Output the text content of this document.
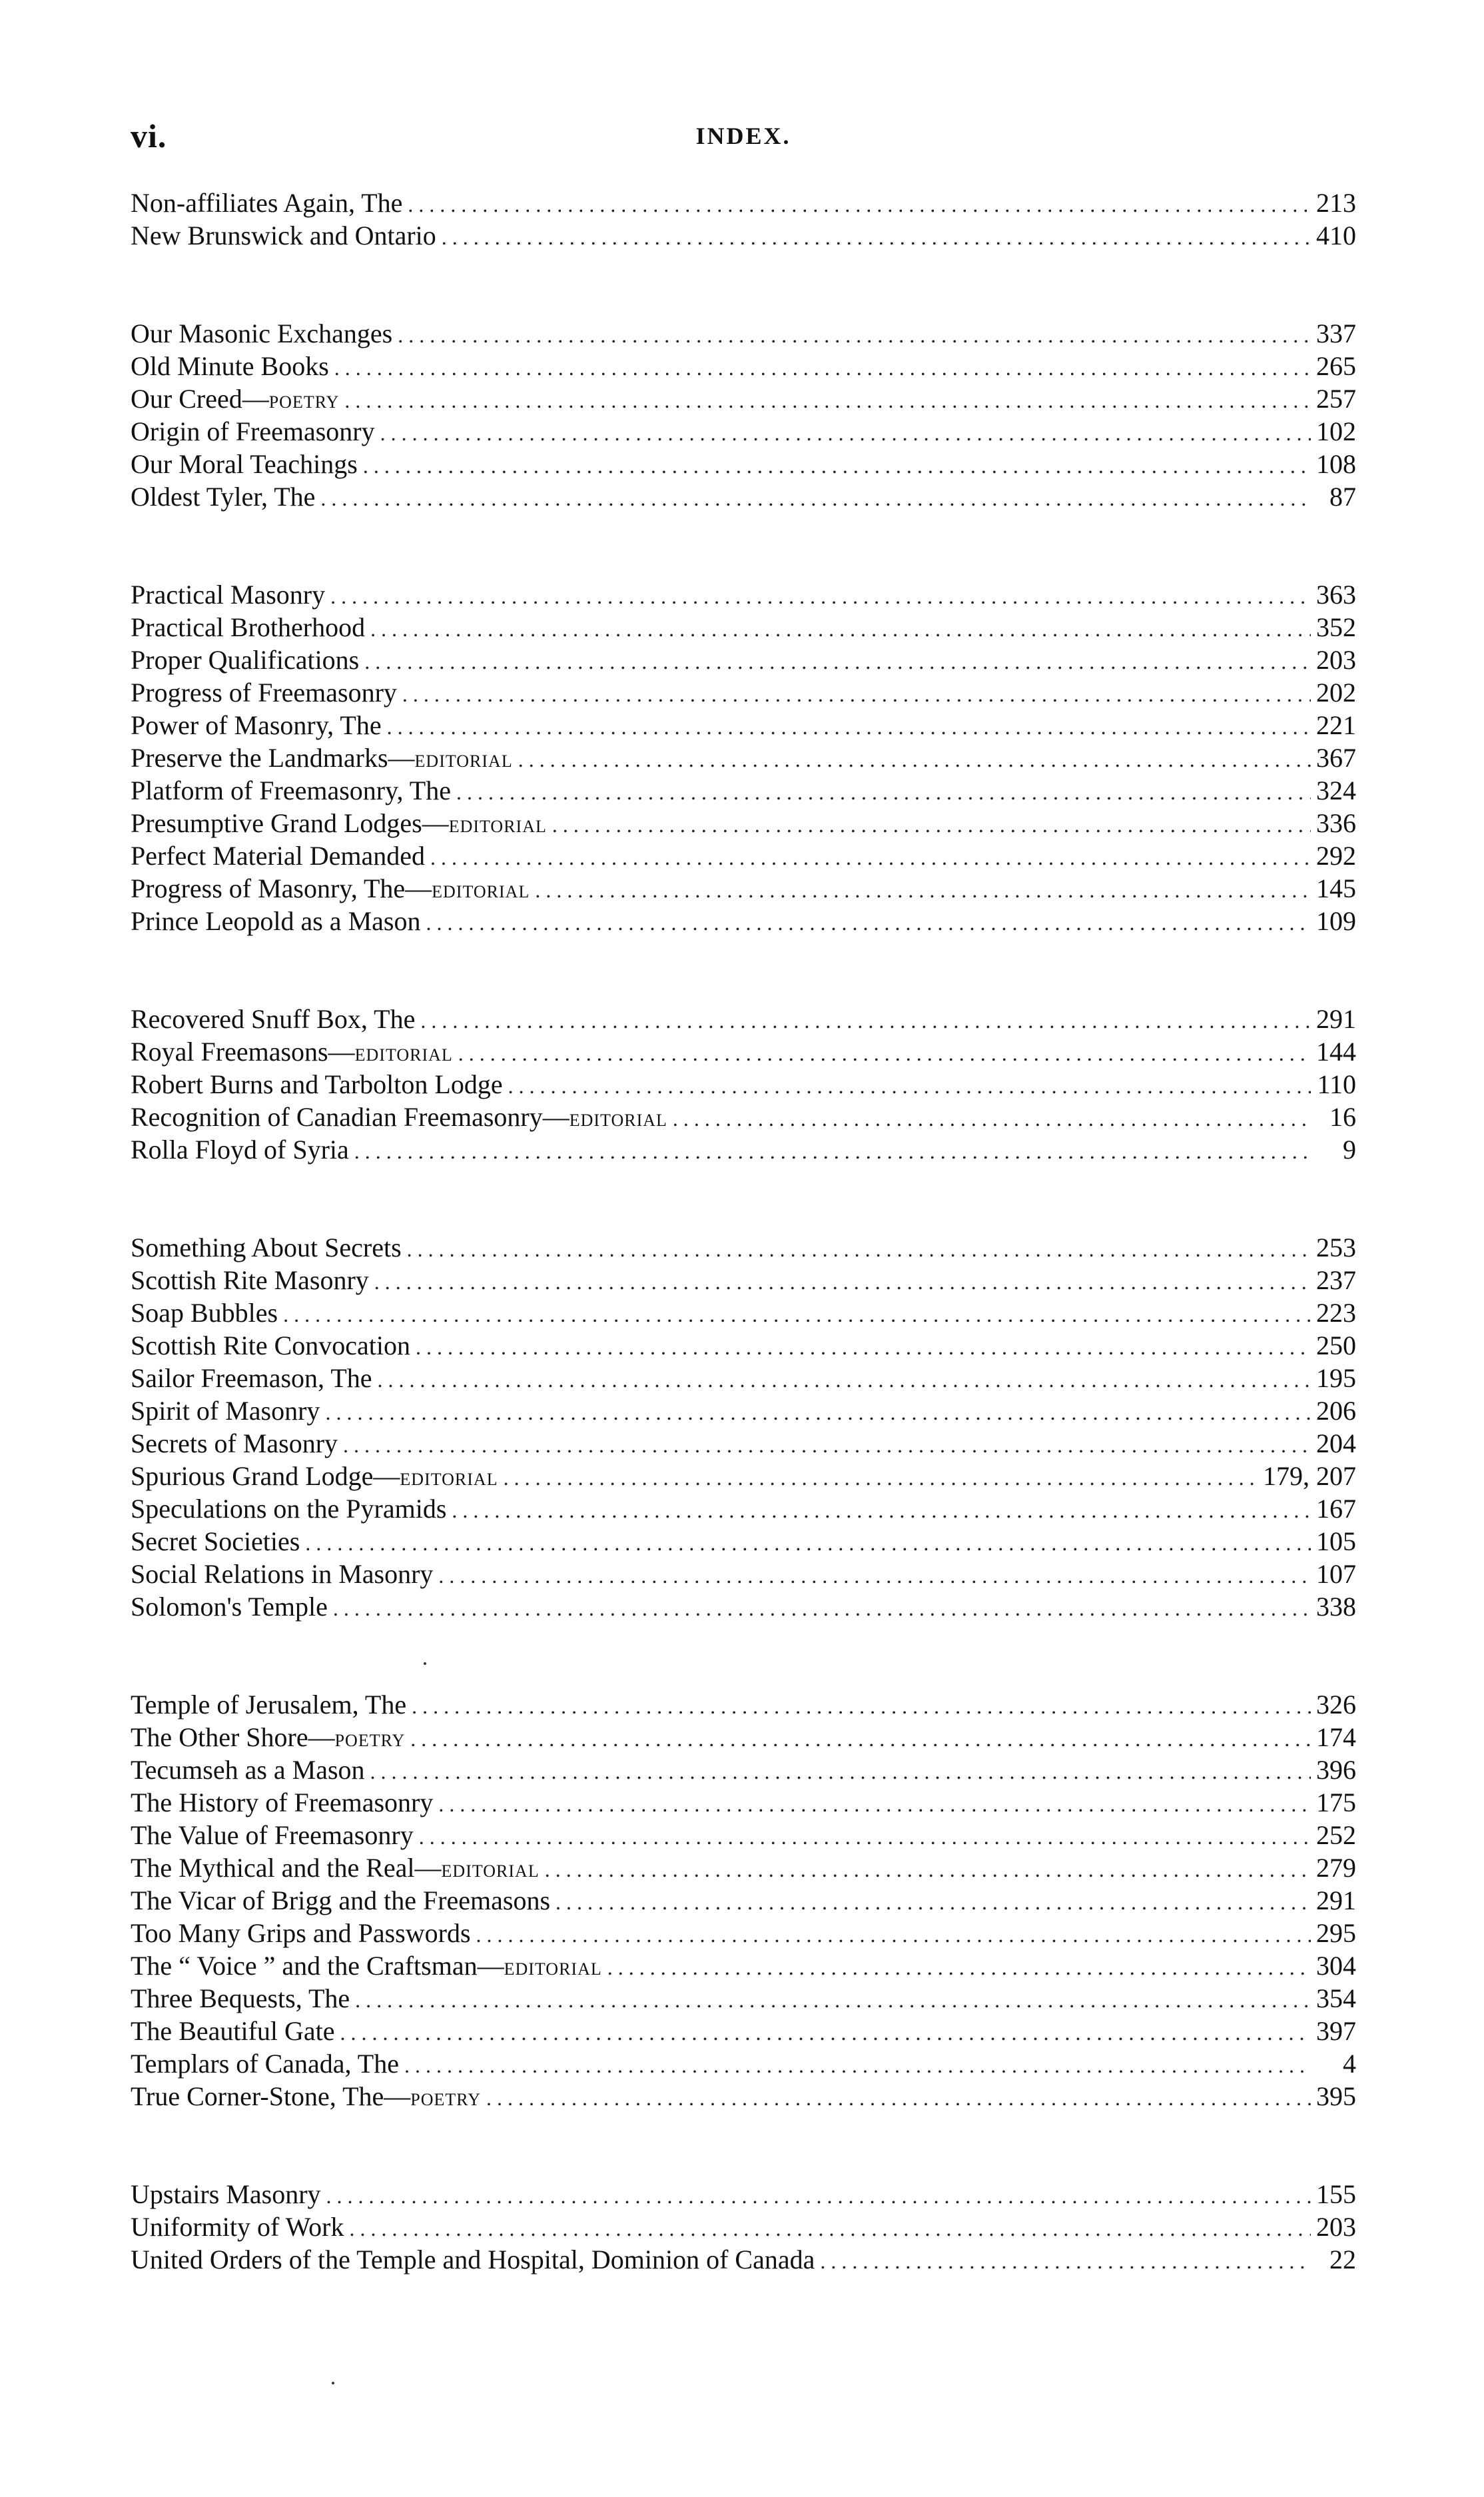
vi.	INDEX.
Non-affiliates Again, The . . .	213
New Brunswick and Ontario . . .	410
Our Masonic Exchanges . . .	337
Old Minute Books . . .	265
Our Creed—POETRY . . .	257
Origin of Freemasonry . . .	102
Our Moral Teachings . . .	108
Oldest Tyler, The . . .	87
Practical Masonry . . .	363
Practical Brotherhood . . .	352
Proper Qualifications . . .	203
Progress of Freemasonry . . .	202
Power of Masonry, The . . .	221
Preserve the Landmarks—EDITORIAL . . .	367
Platform of Freemasonry, The . . .	324
Presumptive Grand Lodges—EDITORIAL . . .	336
Perfect Material Demanded . . .	292
Progress of Masonry, The—EDITORIAL . . .	145
Prince Leopold as a Mason . . .	109
Recovered Snuff Box, The . . .	291
Royal Freemasons—EDITORIAL . . .	144
Robert Burns and Tarbolton Lodge . . .	110
Recognition of Canadian Freemasonry—EDITORIAL . . .	16
Rolla Floyd of Syria . . .	9
Something About Secrets . . .	253
Scottish Rite Masonry . . .	237
Soap Bubbles . . .	223
Scottish Rite Convocation . . .	250
Sailor Freemason, The . . .	195
Spirit of Masonry . . .	206
Secrets of Masonry . . .	204
Spurious Grand Lodge—EDITORIAL . . .	179, 207
Speculations on the Pyramids . . .	167
Secret Societies . . .	105
Social Relations in Masonry . . .	107
Solomon's Temple . . .	338
Temple of Jerusalem, The . . .	326
The Other Shore—POETRY . . .	174
Tecumseh as a Mason . . .	396
The History of Freemasonry . . .	175
The Value of Freemasonry . . .	252
The Mythical and the Real—EDITORIAL . . .	279
The Vicar of Brigg and the Freemasons . . .	291
Too Many Grips and Passwords . . .	295
The “ Voice ” and the Craftsman—EDITORIAL . . .	304
Three Bequests, The . . .	354
The Beautiful Gate . . .	397
Templars of Canada, The . . .	4
True Corner-Stone, The—POETRY . . .	395
Upstairs Masonry . . .	155
Uniformity of Work . . .	203
United Orders of the Temple and Hospital, Dominion of Canada . . .	22
